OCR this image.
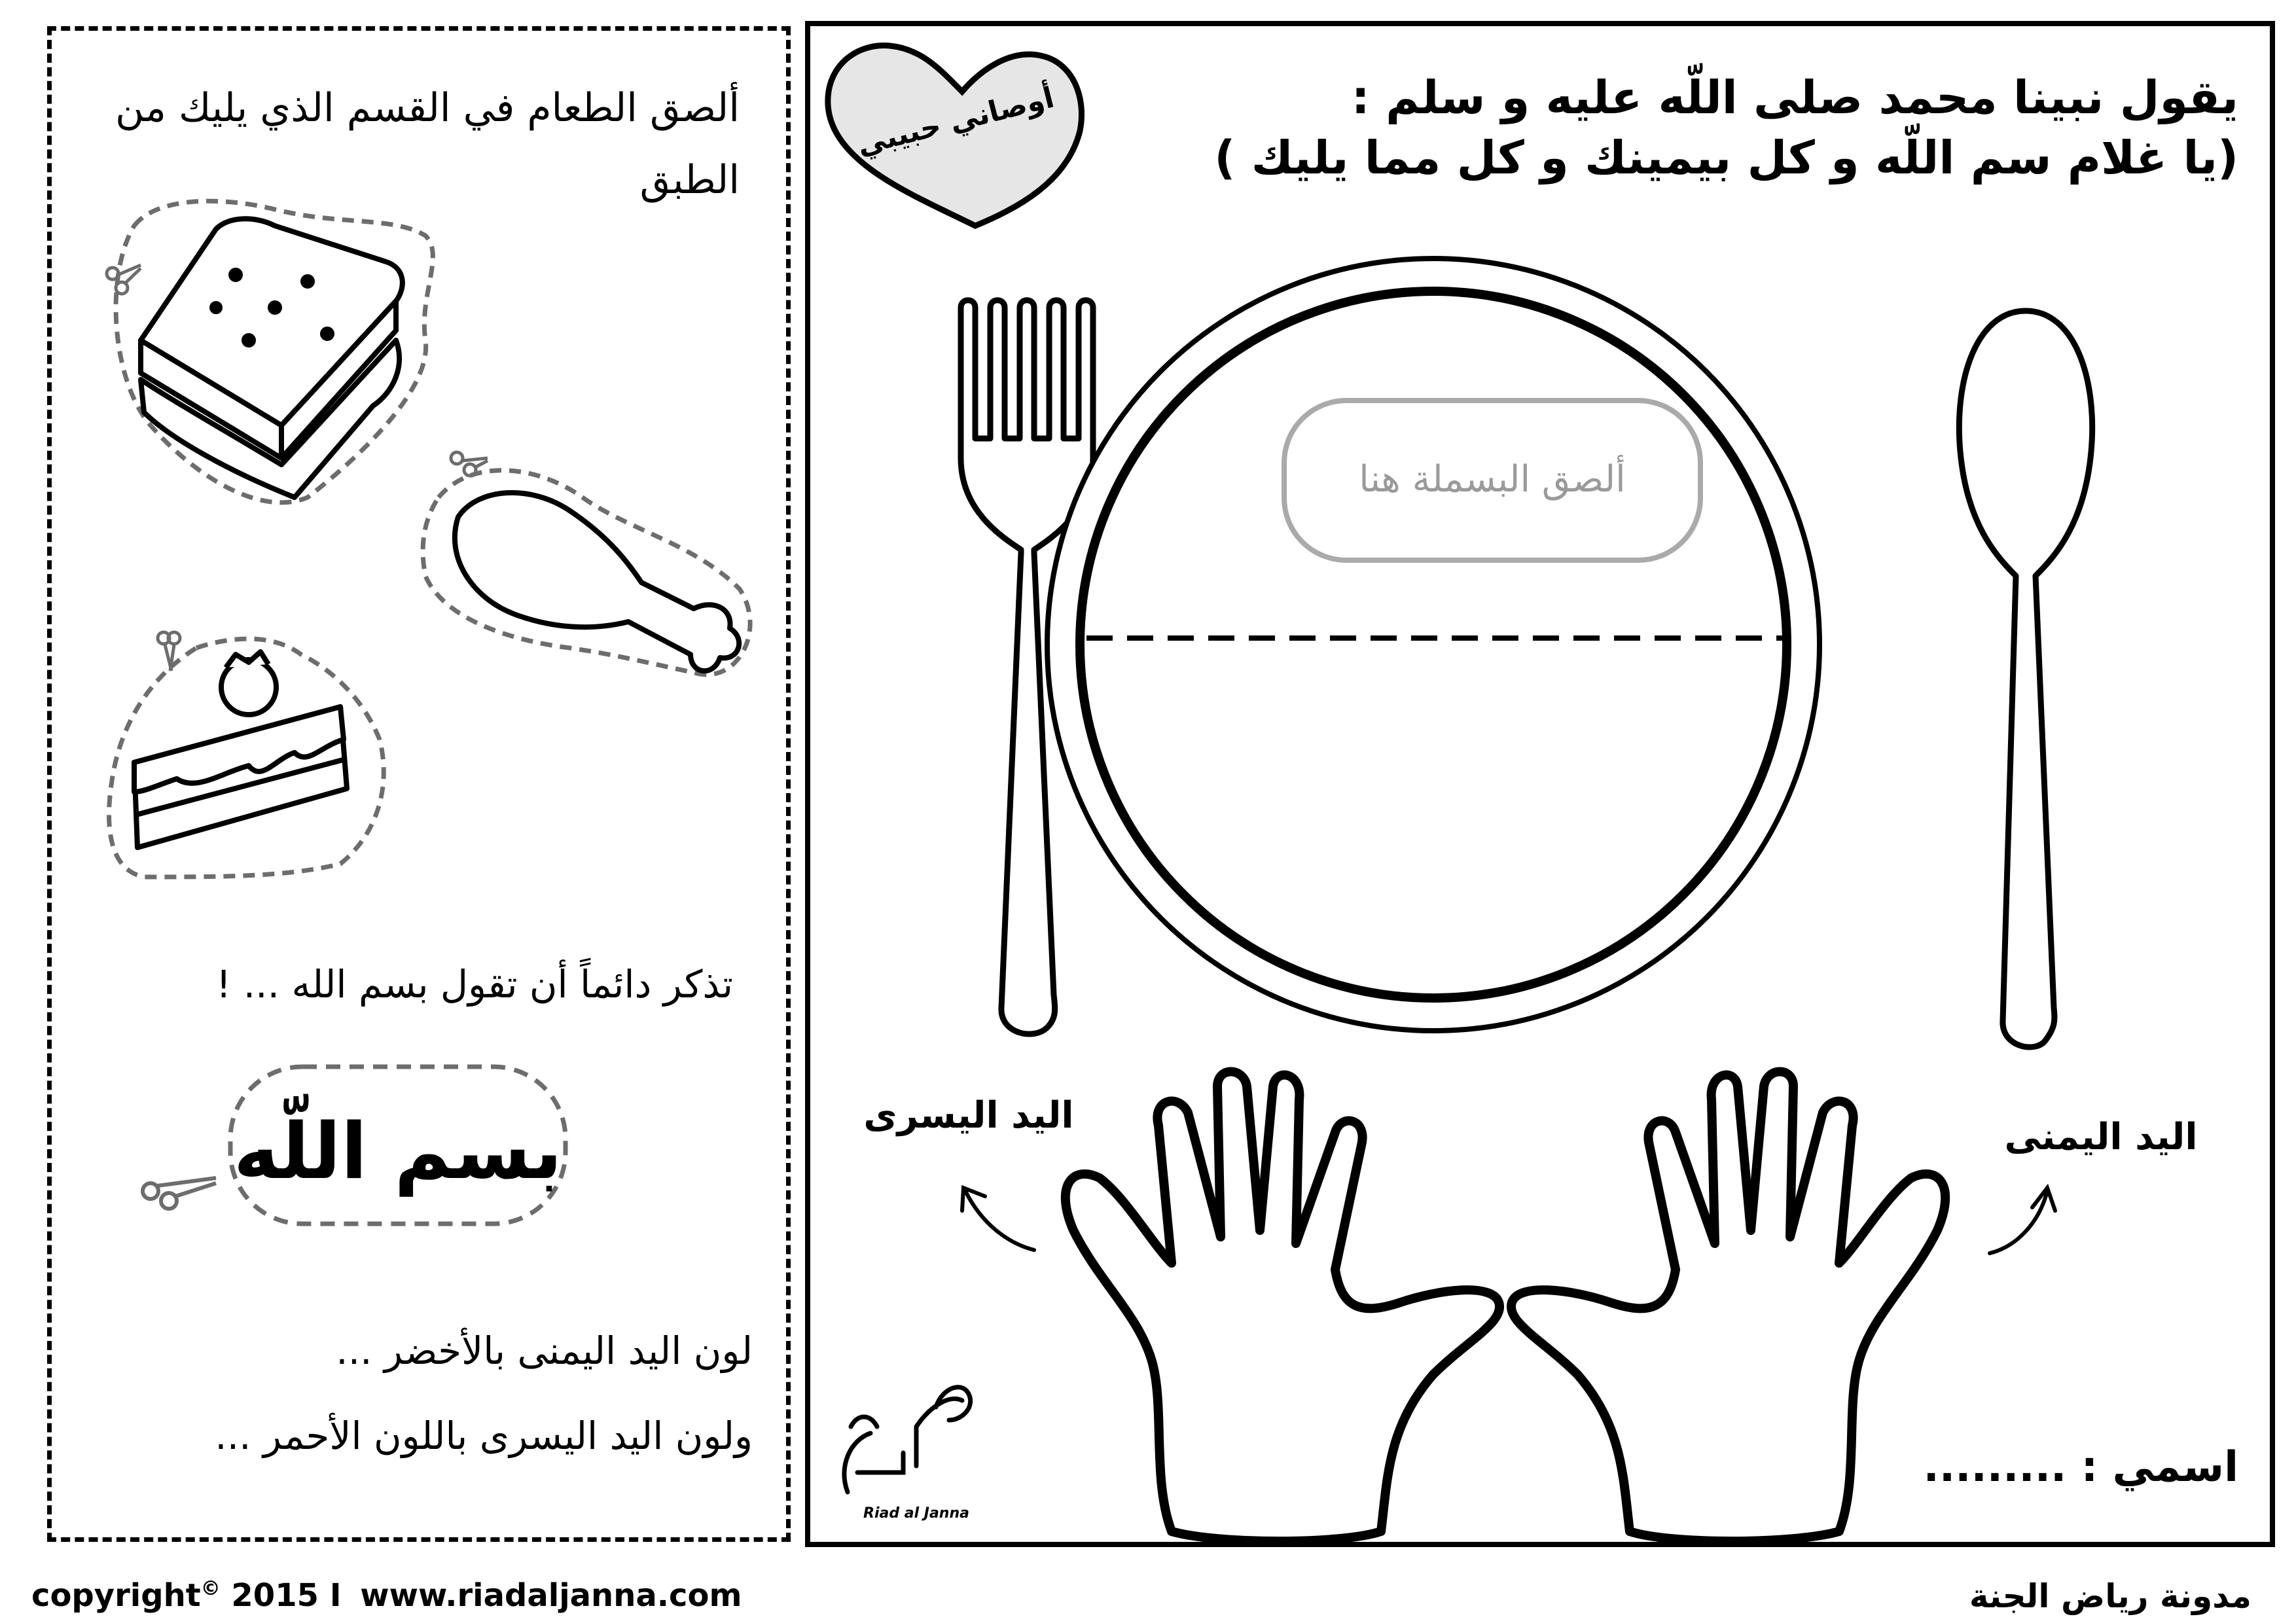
ألصق الطعام في القسم الذي يليك من
الطبق
تذكر دائماً أن تقول بسم الله ... !
بسم اللّه
لون اليد اليمنى بالأخضر ...
ولون اليد اليسرى باللون الأحمر ...
أوصاني حبيبي	يقول نبينا محمد صلى اللّه عليه و سلم :
(يا غلام سم اللّه و كل بيمينك و كل مما يليك )
ألصق البسملة هنا
اليد اليسرى
اليد اليمنى
اسمي : .........
Riad al Janna
copyright© 2015 I www.riadaljanna.com	مدونة رياض الجنة
